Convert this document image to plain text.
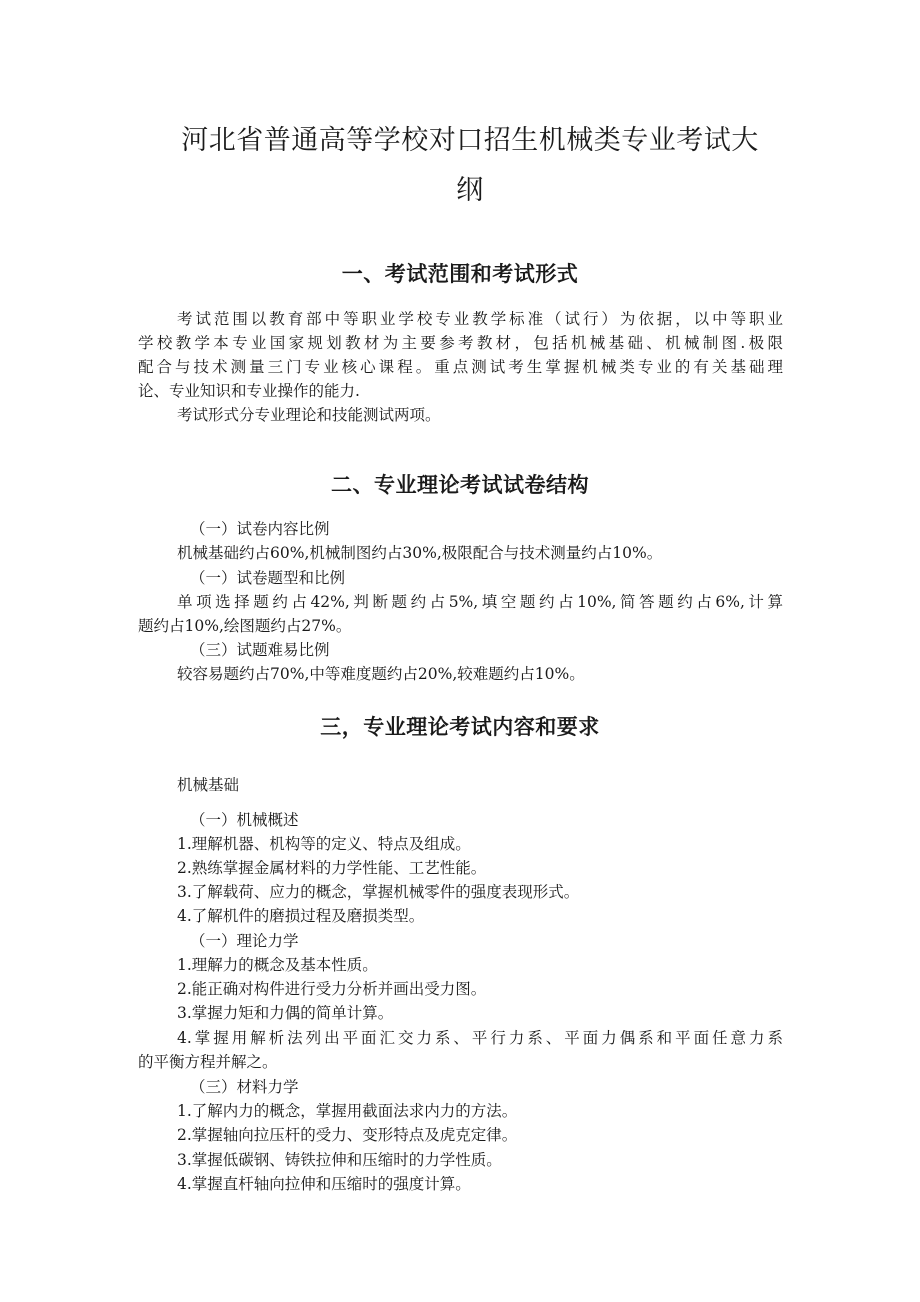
河北省普通高等学校对口招生机械类专业考试大
纲
一、考试范围和考试形式
考试范围以教育部中等职业学校专业教学标准（试行）为依据，以中等职业
学校教学本专业国家规划教材为主要参考教材，包括机械基础、机械制图.极限
配合与技术测量三门专业核心课程。重点测试考生掌握机械类专业的有关基础理
论、专业知识和专业操作的能力.
考试形式分专业理论和技能测试两项。
二、专业理论考试试卷结构
（一）试卷内容比例
机械基础约占60%,机械制图约占30%,极限配合与技术测量约占10%。
（一）试卷题型和比例
单项选择题约占42%,判断题约占5%,填空题约占10%,简答题约占6%,计算
题约占10%,绘图题约占27%。
（三）试题难易比例
较容易题约占70%,中等难度题约占20%,较难题约占10%。
三，专业理论考试内容和要求
机械基础
（一）机械概述
1.理解机器、机构等的定义、特点及组成。
2.熟练掌握金属材料的力学性能、工艺性能。
3.了解载荷、应力的概念，掌握机械零件的强度表现形式。
4.了解机件的磨损过程及磨损类型。
（一）理论力学
1.理解力的概念及基本性质。
2.能正确对构件进行受力分析并画出受力图。
3.掌握力矩和力偶的简单计算。
4.掌握用解析法列出平面汇交力系、平行力系、平面力偶系和平面任意力系
的平衡方程并解之。
（三）材料力学
1.了解内力的概念，掌握用截面法求内力的方法。
2.掌握轴向拉压杆的受力、变形特点及虎克定律。
3.掌握低碳钢、铸铁拉伸和压缩时的力学性质。
4.掌握直杆轴向拉伸和压缩时的强度计算。
